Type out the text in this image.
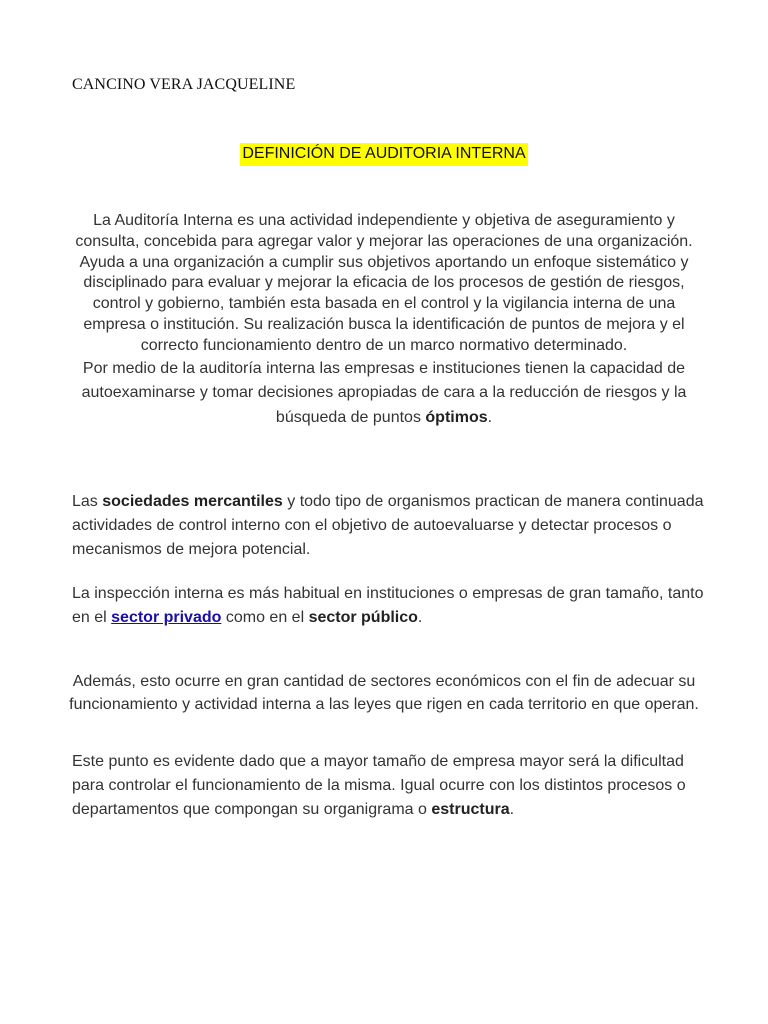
CANCINO VERA JACQUELINE
DEFINICIÓN DE AUDITORIA INTERNA
La Auditoría Interna es una actividad independiente y objetiva de aseguramiento y consulta, concebida para agregar valor y mejorar las operaciones de una organización. Ayuda a una organización a cumplir sus objetivos aportando un enfoque sistemático y disciplinado para evaluar y mejorar la eficacia de los procesos de gestión de riesgos, control y gobierno, también esta basada en el control y la vigilancia interna de una empresa o institución. Su realización busca la identificación de puntos de mejora y el correcto funcionamiento dentro de un marco normativo determinado.
Por medio de la auditoría interna las empresas e instituciones tienen la capacidad de autoexaminarse y tomar decisiones apropiadas de cara a la reducción de riesgos y la búsqueda de puntos óptimos.
Las sociedades mercantiles y todo tipo de organismos practican de manera continuada actividades de control interno con el objetivo de autoevaluarse y detectar procesos o mecanismos de mejora potencial.
La inspección interna es más habitual en instituciones o empresas de gran tamaño, tanto en el sector privado como en el sector público.
Además, esto ocurre en gran cantidad de sectores económicos con el fin de adecuar su funcionamiento y actividad interna a las leyes que rigen en cada territorio en que operan.
Este punto es evidente dado que a mayor tamaño de empresa mayor será la dificultad para controlar el funcionamiento de la misma. Igual ocurre con los distintos procesos o departamentos que compongan su organigrama o estructura.
